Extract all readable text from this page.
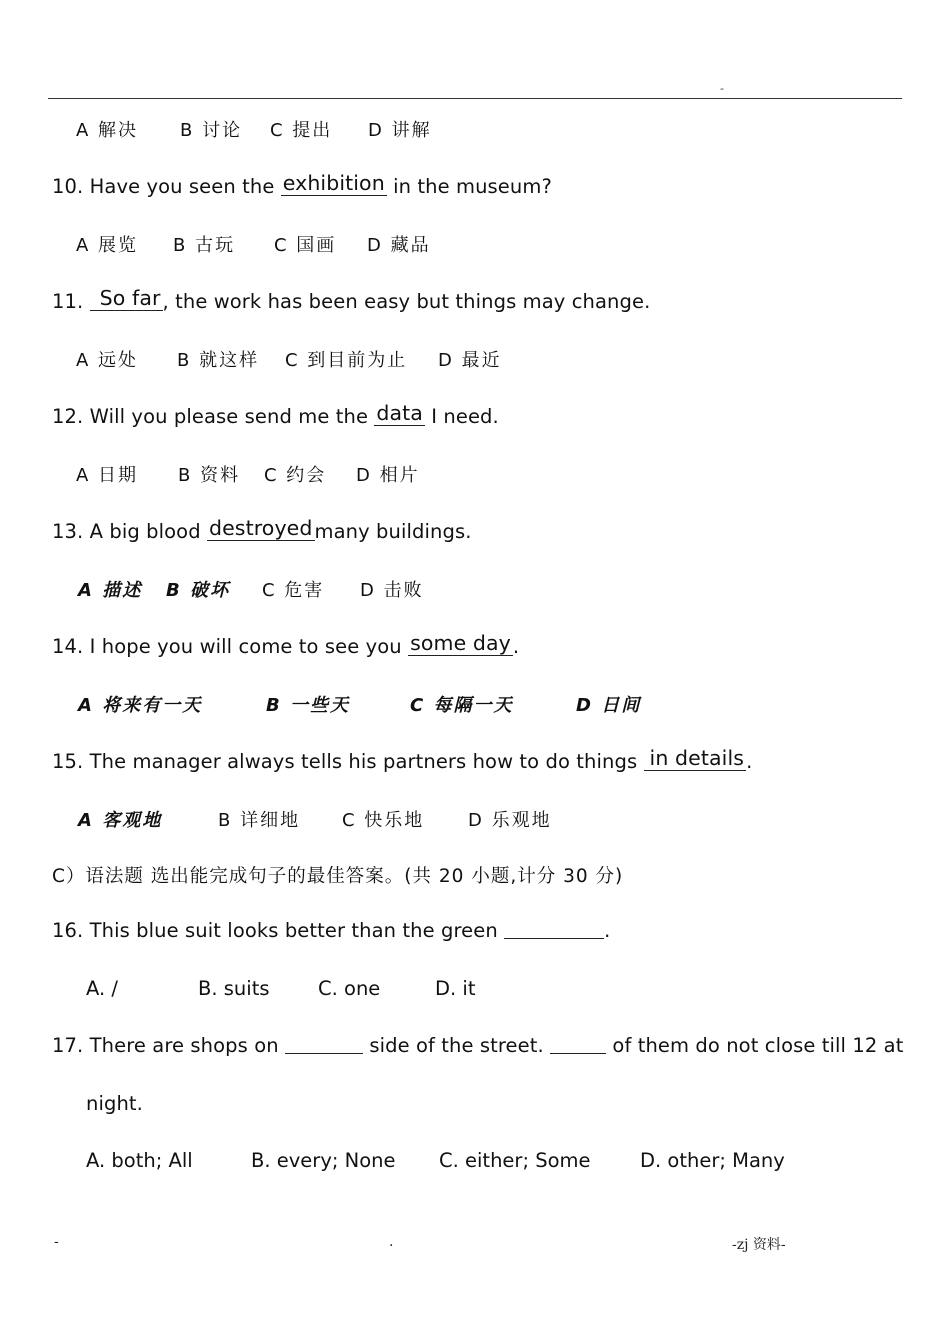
-
A 解决 B 讨论 C 提出 D 讲解
10. Have you seen the exhibition in the museum?
A 展览 B 古玩 C 国画 D 藏品
11. So far , the work has been easy but things may change.
A 远处 B 就这样 C 到目前为止 D 最近
12. Will you please send me the data I need.
A 日期 B 资料 C 约会 D 相片
13. A big blood destroyed many buildings.
A 描述 B 破坏 C 危害 D 击败
14. I hope you will come to see you some day .
A 将来有一天	B 一些天	C 每隔一天	D 日间
15. The manager always tells his partners how to do things in details .
A 客观地	B 详细地 C 快乐地 D 乐观地
C）语法题 选出能完成句子的最佳答案。(共 20 小题,计分 30 分)
16. This blue suit looks better than the green	.
A. /	B. suits C. one	D. it
17. There are shops on	side of the street.	of them do not close till 12 at
night.
A. both; All	B. every; None C. either; Some	D. other; Many
-	.	-zj 资料-
